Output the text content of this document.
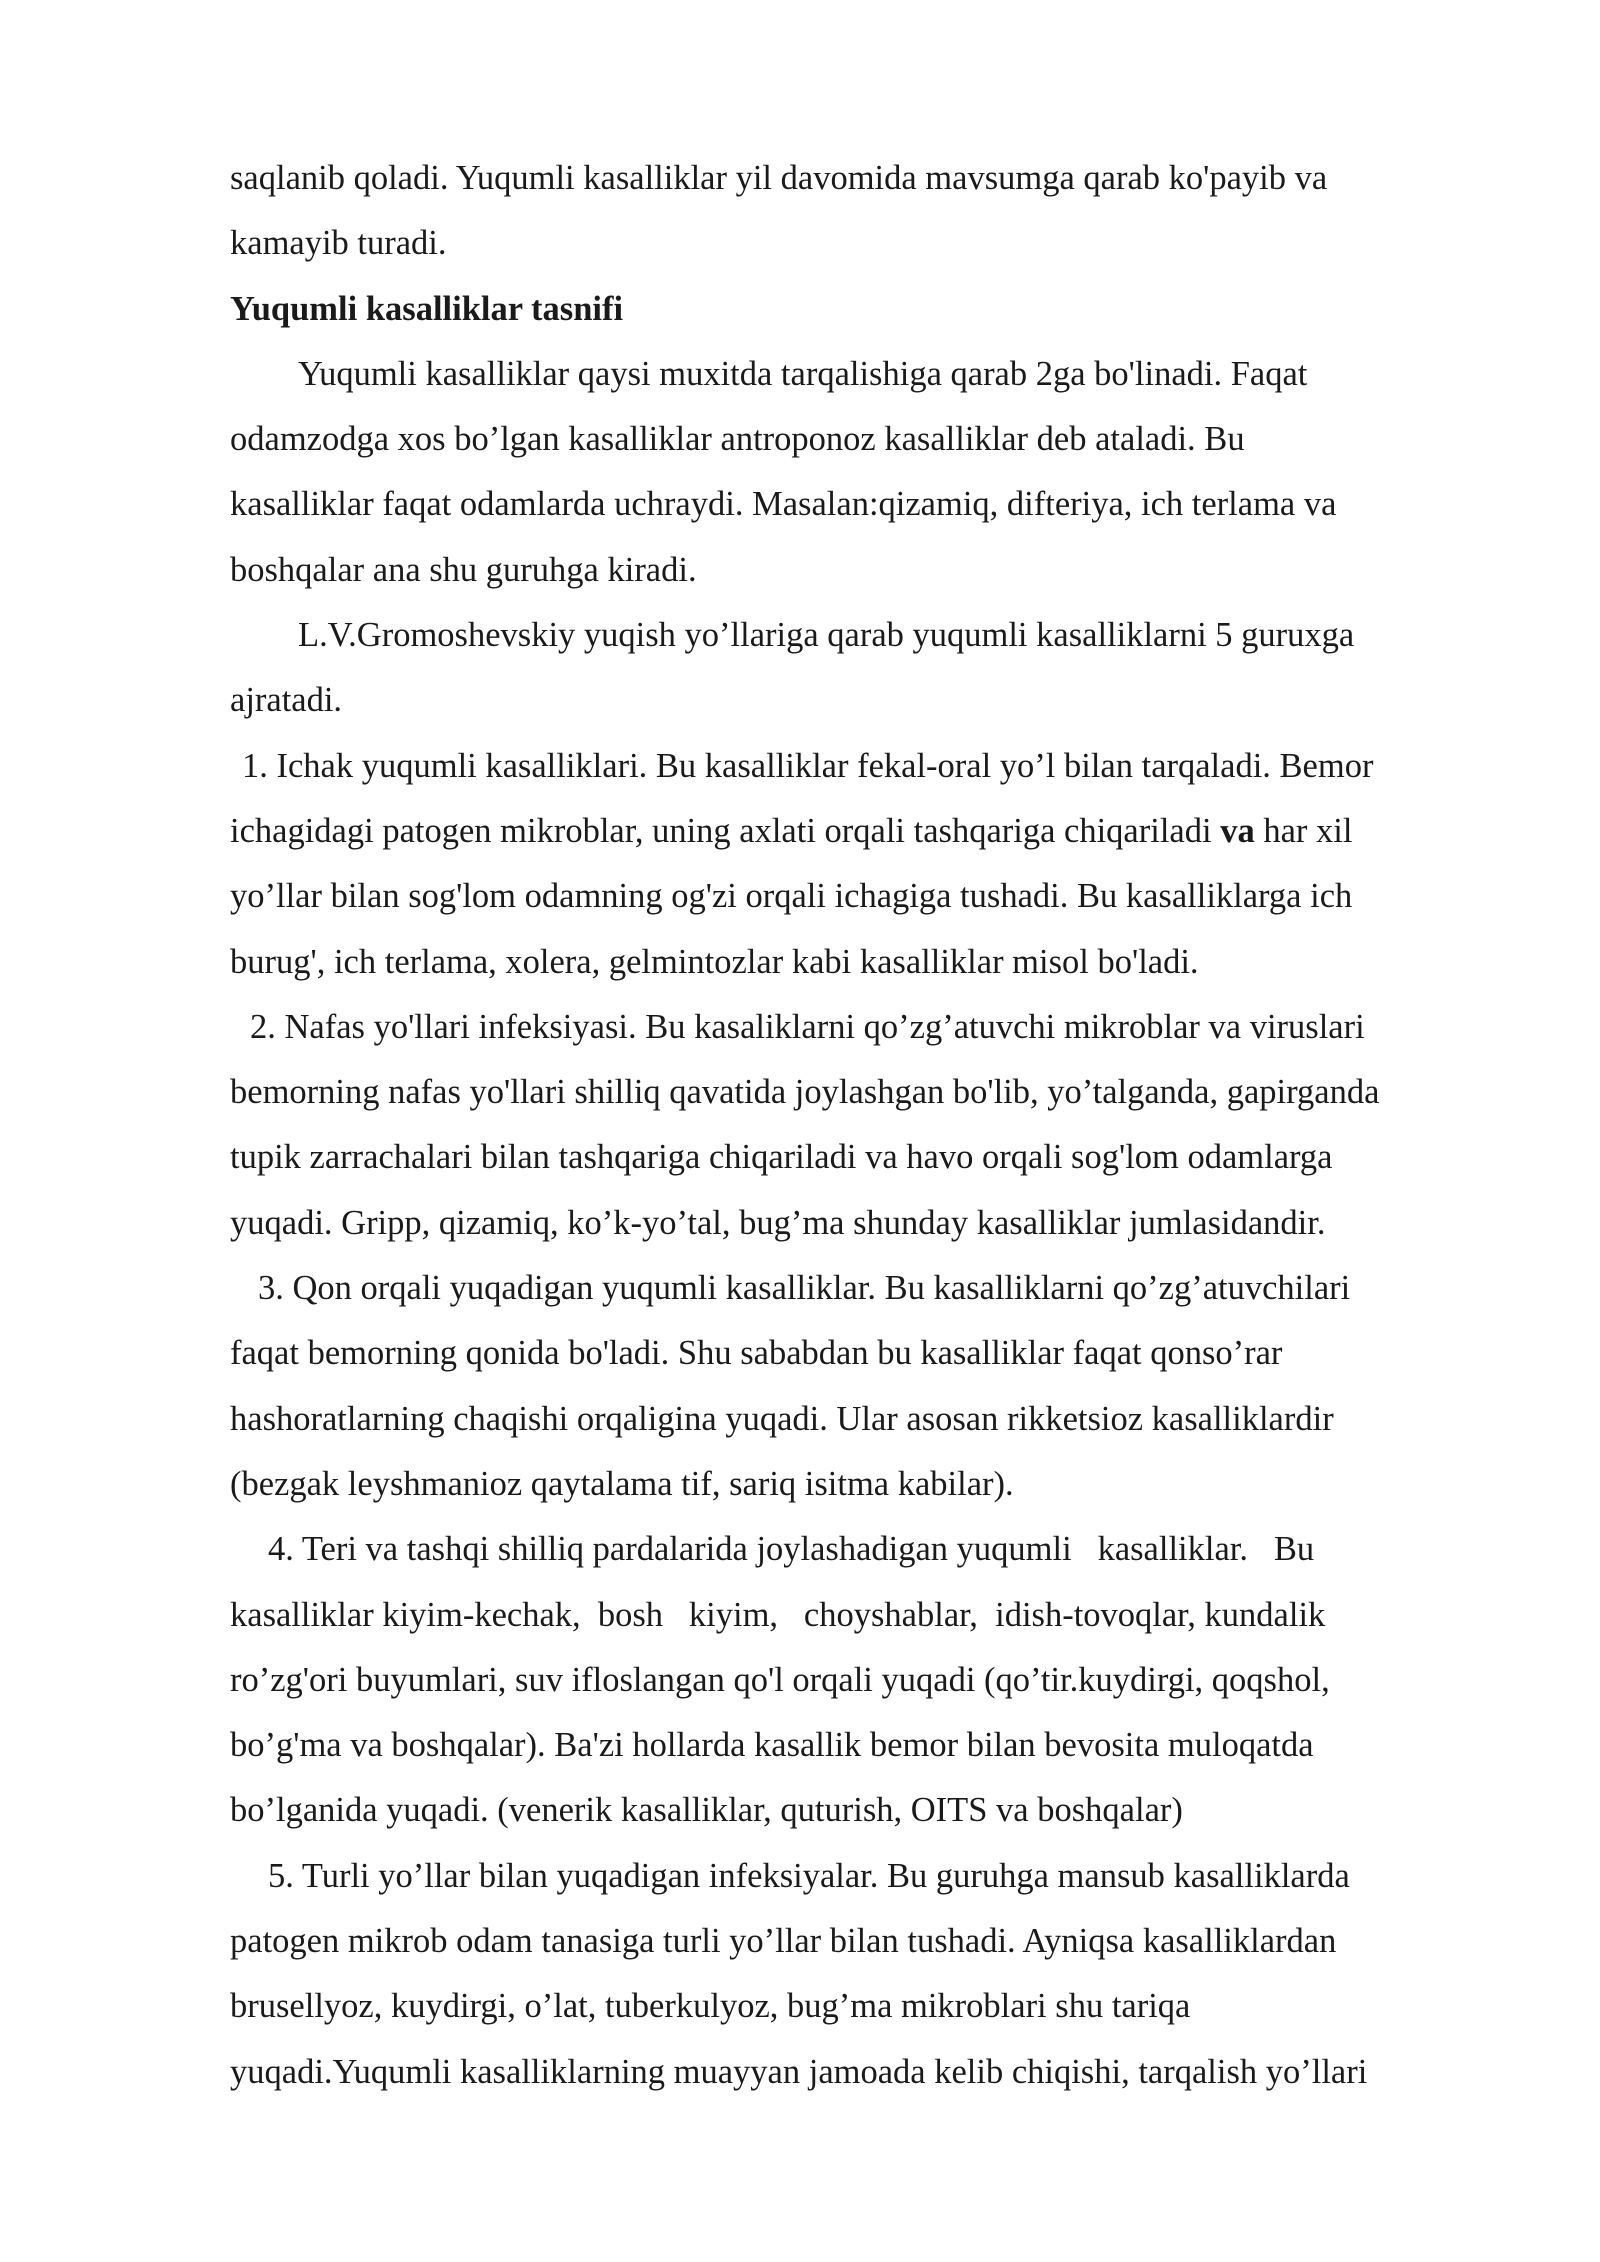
saqlanib qoladi. Yuqumli kasalliklar yil davomida mavsumga qarab ko'payib va
kamayib turadi.
Yuqumli kasalliklar tasnifi
Yuqumli kasalliklar qaysi muxitda tarqalishiga qarab 2ga bo'linadi. Faqat
odamzodga xos bo’lgan kasalliklar antroponoz kasalliklar deb ataladi. Bu
kasalliklar faqat odamlarda uchraydi. Masalan:qizamiq, difteriya, ich terlama va
boshqalar ana shu guruhga kiradi.
L.V.Gromoshevskiy yuqish yo’llariga qarab yuqumli kasalliklarni 5 guruxga
ajratadi.
1. Ichak yuqumli kasalliklari. Bu kasalliklar fekal-oral yo’l bilan tarqaladi. Bemor
ichagidagi patogen mikroblar, uning axlati orqali tashqariga chiqariladi va har xil
yo’llar bilan sog'lom odamning og'zi orqali ichagiga tushadi. Bu kasalliklarga ich
burug', ich terlama, xolera, gelmintozlar kabi kasalliklar misol bo'ladi.
2. Nafas yo'llari infeksiyasi. Bu kasaliklarni qo’zg’atuvchi mikroblar va viruslari
bemorning nafas yo'llari shilliq qavatida joylashgan bo'lib, yo’talganda, gapirganda
tupik zarrachalari bilan tashqariga chiqariladi va havo orqali sog'lom odamlarga
yuqadi. Gripp, qizamiq, ko’k-yo’tal, bug’ma shunday kasalliklar jumlasidandir.
3. Qon orqali yuqadigan yuqumli kasalliklar. Bu kasalliklarni qo’zg’atuvchilari
faqat bemorning qonida bo'ladi. Shu sababdan bu kasalliklar faqat qonso’rar
hashoratlarning chaqishi orqaligina yuqadi. Ular asosan rikketsioz kasalliklardir
(bezgak leyshmanioz qaytalama tif, sariq isitma kabilar).
4. Teri va tashqi shilliq pardalarida joylashadigan yuqumli   kasalliklar.   Bu
kasalliklar kiyim-kechak,  bosh   kiyim,   choyshablar,  idish-tovoqlar, kundalik
ro’zg'ori buyumlari, suv ifloslangan qo'l orqali yuqadi (qo’tir.kuydirgi, qoqshol,
bo’g'ma va boshqalar). Ba'zi hollarda kasallik bemor bilan bevosita muloqatda
bo’lganida yuqadi. (venerik kasalliklar, quturish, OITS va boshqalar)
5. Turli yo’llar bilan yuqadigan infeksiyalar. Bu guruhga mansub kasalliklarda
patogen mikrob odam tanasiga turli yo’llar bilan tushadi. Ayniqsa kasalliklardan
brusellyoz, kuydirgi, o’lat, tuberkulyoz, bug’ma mikroblari shu tariqa
yuqadi.Yuqumli kasalliklarning muayyan jamoada kelib chiqishi, tarqalish yo’llari
